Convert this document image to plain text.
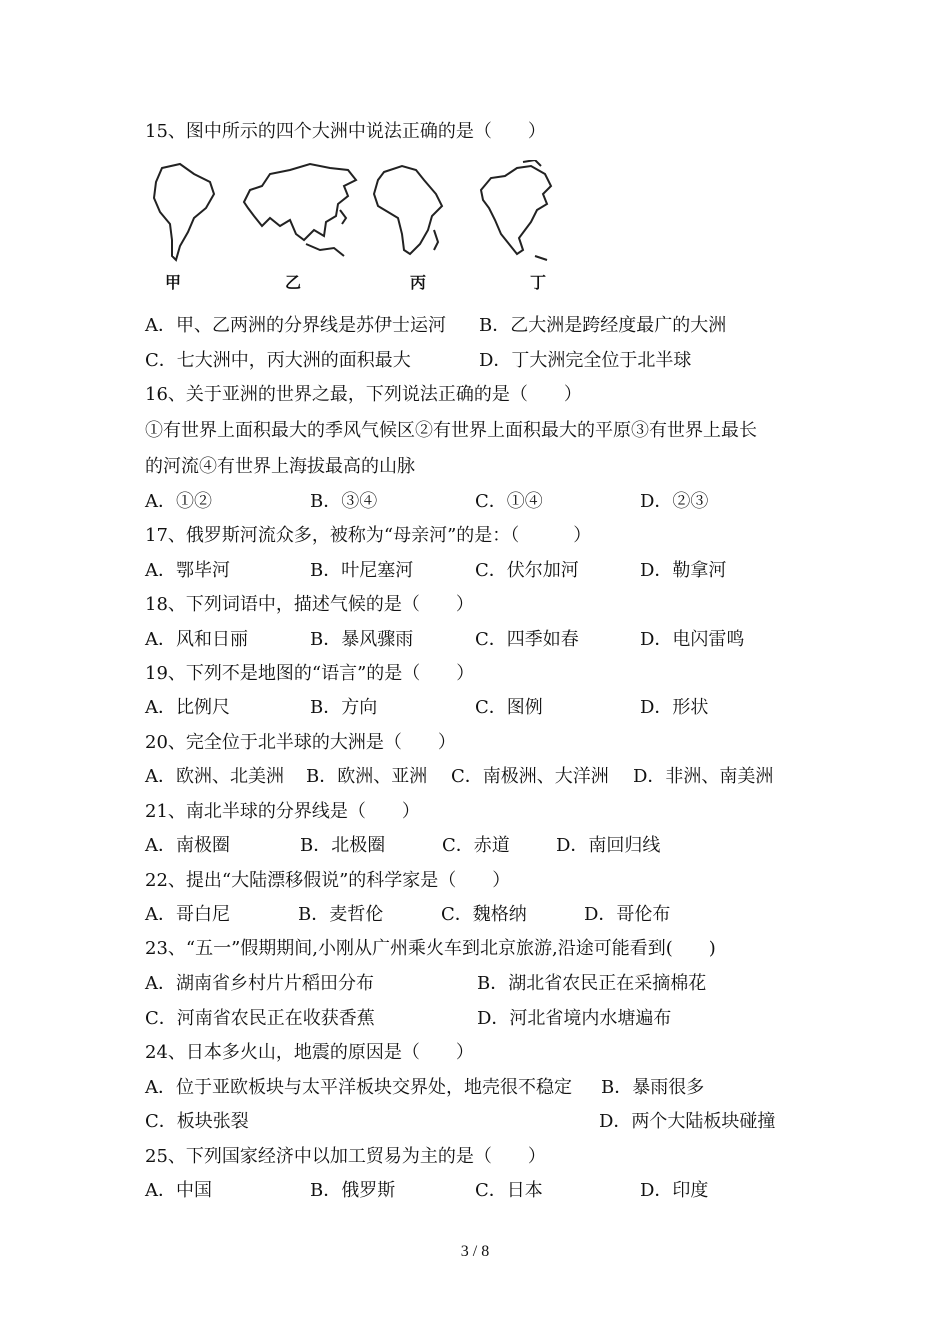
15、图中所示的四个大洲中说法正确的是（　　）
甲	乙	丙	丁
A．甲、乙两洲的分界线是苏伊士运河 B．乙大洲是跨经度最广的大洲
C．七大洲中，丙大洲的面积最大	D．丁大洲完全位于北半球
16、关于亚洲的世界之最，下列说法正确的是（　　）
①有世界上面积最大的季风气候区②有世界上面积最大的平原③有世界上最长
的河流④有世界上海拔最高的山脉
A．①②	B．③④	C．①④	D．②③
17、俄罗斯河流众多，被称为“母亲河”的是：（　　　）
A．鄂毕河	B．叶尼塞河	C．伏尔加河	D．勒拿河
18、下列词语中，描述气候的是（　　）
A．风和日丽	B．暴风骤雨	C．四季如春	D．电闪雷鸣
19、下列不是地图的“语言”的是（　　）
A．比例尺	B．方向	C．图例	D．形状
20、完全位于北半球的大洲是（　　）
A．欧洲、北美洲 B．欧洲、亚洲 C．南极洲、大洋洲 D．非洲、南美洲
21、南北半球的分界线是（　　）
A．南极圈	B．北极圈	C．赤道	D．南回归线
22、提出“大陆漂移假说”的科学家是（　　）
A．哥白尼	B．麦哲伦	C．魏格纳	D．哥伦布
23、“五一”假期期间,小刚从广州乘火车到北京旅游,沿途可能看到(　　)
A．湖南省乡村片片稻田分布	B．湖北省农民正在采摘棉花
C．河南省农民正在收获香蕉	D．河北省境内水塘遍布
24、日本多火山，地震的原因是（　　）
A．位于亚欧板块与太平洋板块交界处，地壳很不稳定 B．暴雨很多
C．板块张裂	D．两个大陆板块碰撞
25、下列国家经济中以加工贸易为主的是（　　）
A．中国	B．俄罗斯	C．日本	D．印度
3 / 8
